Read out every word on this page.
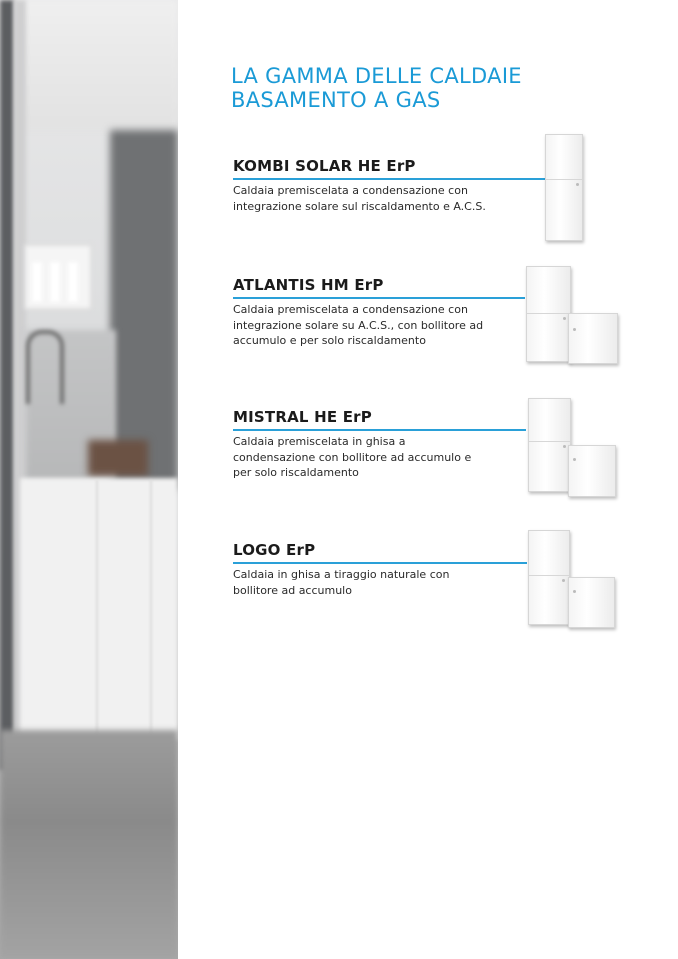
LA GAMMA DELLE CALDAIE
BASAMENTO A GAS
KOMBI SOLAR HE ErP
Caldaia premiscelata a condensazione con
integrazione solare sul riscaldamento e A.C.S.
ATLANTIS HM ErP
Caldaia premiscelata a condensazione con
integrazione solare su A.C.S., con bollitore ad
accumulo e per solo riscaldamento
MISTRAL HE ErP
Caldaia premiscelata in ghisa a
condensazione con bollitore ad accumulo e
per solo riscaldamento
LOGO ErP
Caldaia in ghisa a tiraggio naturale con
bollitore ad accumulo
